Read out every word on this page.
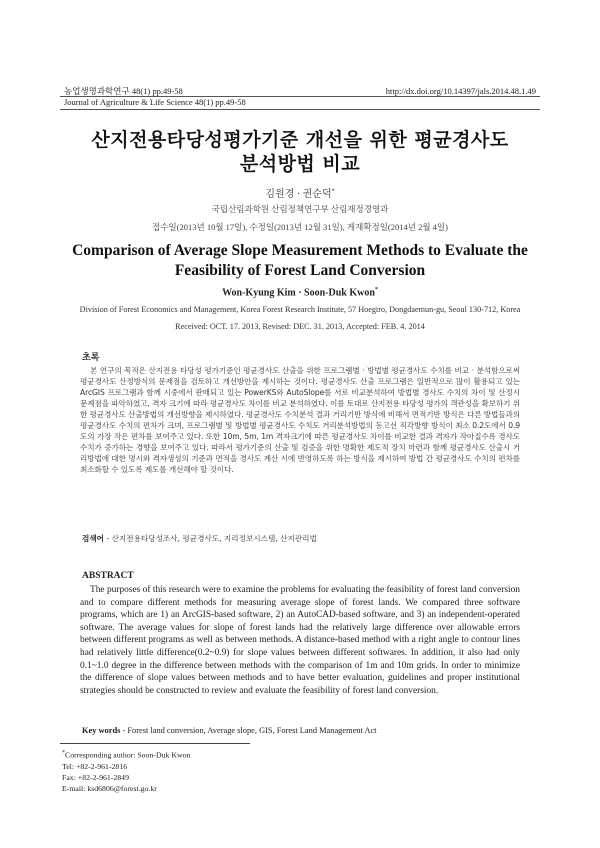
농업생명과학연구 48(1) pp.49-58	http://dx.doi.org/10.14397/jals.2014.48.1.49
Journal of Agriculture & Life Science 48(1) pp.49-58
산지전용타당성평가기준 개선을 위한 평균경사도
분석방법 비교
김원경 · 권순덕*
국립산림과학원 산림정책연구부 산림재정경영과
접수일(2013년 10월 17일), 수정일(2013년 12월 31일), 게재확정일(2014년 2월 4일)
Comparison of Average Slope Measurement Methods to Evaluate the
Feasibility of Forest Land Conversion
Won-Kyung Kim · Soon-Duk Kwon*
Division of Forest Economics and Management, Korea Forest Research Institute, 57 Hoegiro, Dongdaemun-gu, Seoul 130-712, Korea
Received: OCT. 17. 2013, Revised: DEC. 31. 2013, Accepted: FEB. 4. 2014
초록
본 연구의 목적은 산지전용 타당성 평가기준인 평균경사도 산출을 위한 프로그램별 · 방법별 평균경사도 수치를 비교 · 분석함으로써 평균경사도 산정방식의 문제점을 검토하고 개선방안을 제시하는 것이다. 평균경사도 산출 프로그램은 일반적으로 많이 활용되고 있는 ArcGIS 프로그램과 함께 시중에서 판매되고 있는 PowerKS와 AutoSlope를 서로 비교분석하여 방법별 경사도 수치의 차이 및 산정시 문제점을 파악하였고, 격자 크기에 따라 평균경사도 차이를 비교 분석하였다. 이를 토대로 산지전용 타당성 평가의 객관성을 확보하기 위한 평균경사도 산출방법의 개선방향을 제시하였다. 평균경사도 수치분석 결과 거리기반 방식에 비해서 면적기반 방식은 다른 방법들과의 평균경사도 수치의 편차가 크며, 프로그램별 및 방법별 평균경사도 수치도 거리분석방법의 등고선 직각방향 방식이 최소 0.2도에서 0.9도의 가장 작은 편차를 보여주고 있다. 또한 10m, 5m, 1m 격자크기에 따른 평균경사도 차이를 비교한 결과 격자가 작아질수록 경사도 수치가 증가하는 경향을 보여주고 있다. 따라서 평가기준의 산출 및 검증을 위한 명확한 제도적 장치 마련과 함께 평균경사도 산출시 거리방법에 대한 명시와 격자생성의 기준과 면적을 경사도 계산 시에 반영하도록 하는 방식을 제시하여 방법 간 평균경사도 수치의 편차를 최소화할 수 있도록 제도를 개선해야 할 것이다.
검색어 - 산지전용타당성조사, 평균경사도, 지리정보시스템, 산지관리법
ABSTRACT
The purposes of this research were to examine the problems for evaluating the feasibility of forest land conversion and to compare different methods for measuring average slope of forest lands. We compared three software programs, which are 1) an ArcGIS-based software, 2) an AutoCAD-based software, and 3) an independent-operated software. The average values for slope of forest lands had the relatively large difference over allowable errors between different programs as well as between methods. A distance-based method with a right angle to contour lines had relatively little difference(0.2~0.9) for slope values between different softwares. In addition, it also had only 0.1~1.0 degree in the difference between methods with the comparison of 1m and 10m grids. In order to minimize the difference of slope values between methods and to have better evaluation, guidelines and proper institutional strategies should be constructed to review and evaluate the feasibility of forest land conversion.
Key words - Forest land conversion, Average slope, GIS, Forest Land Management Act
*Corresponding author: Soon-Duk Kwon
Tel: +82-2-961-2816
Fax: +82-2-961-2849
E-mail: ksd6806@forest.go.kr
